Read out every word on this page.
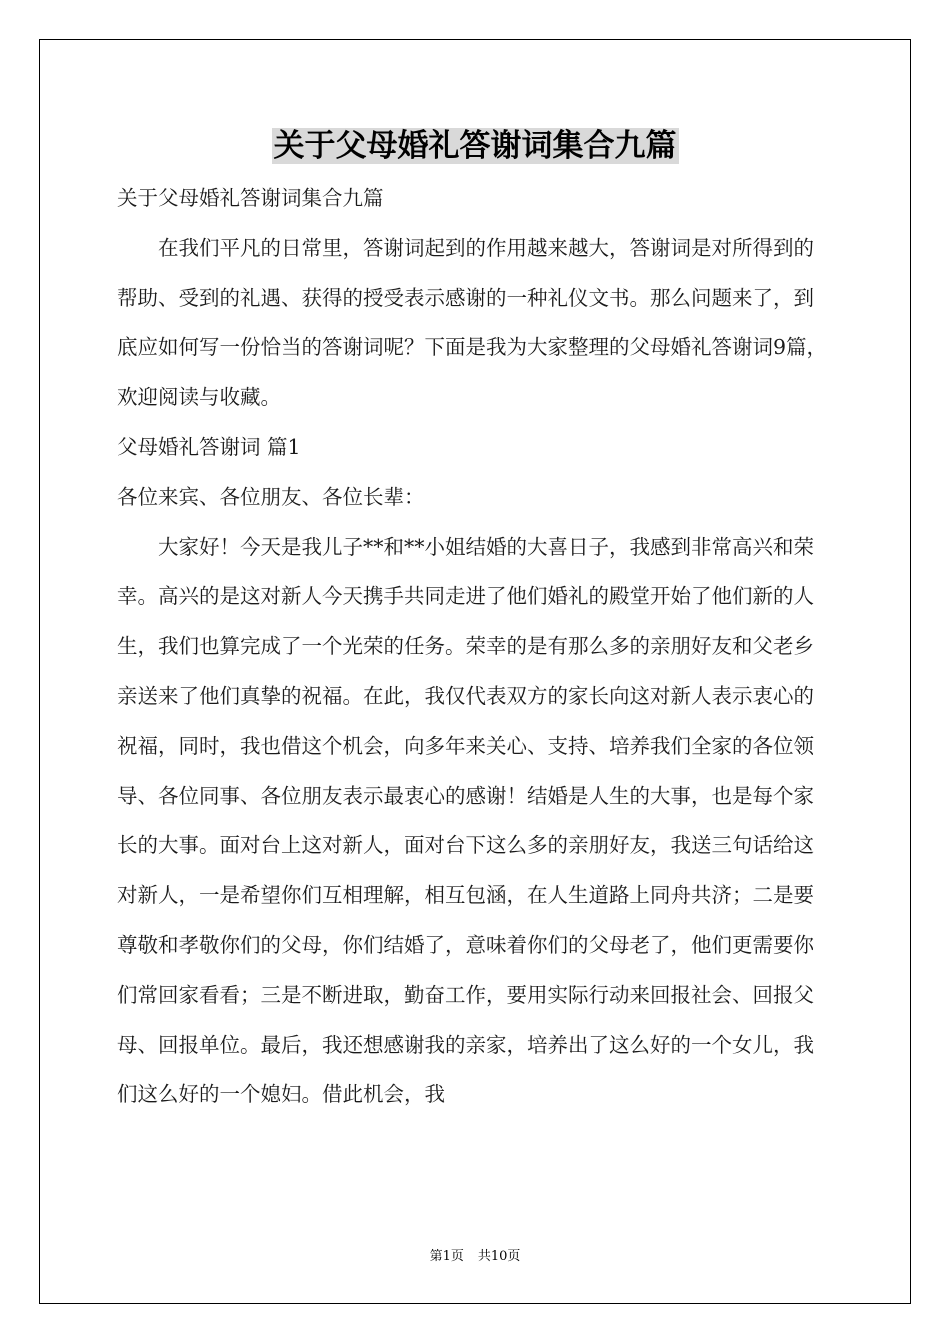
关于父母婚礼答谢词集合九篇

关于父母婚礼答谢词集合九篇

在我们平凡的日常里，答谢词起到的作用越来越大，答谢词是对所得到的帮助、受到的礼遇、获得的授受表示感谢的一种礼仪文书。那么问题来了，到底应如何写一份恰当的答谢词呢？下面是我为大家整理的父母婚礼答谢词9篇，欢迎阅读与收藏。

父母婚礼答谢词 篇1

各位来宾、各位朋友、各位长辈：

大家好！今天是我儿子**和**小姐结婚的大喜日子，我感到非常高兴和荣幸。高兴的是这对新人今天携手共同走进了他们婚礼的殿堂开始了他们新的人生，我们也算完成了一个光荣的任务。荣幸的是有那么多的亲朋好友和父老乡亲送来了他们真挚的祝福。在此，我仅代表双方的家长向这对新人表示衷心的祝福，同时，我也借这个机会，向多年来关心、支持、培养我们全家的各位领导、各位同事、各位朋友表示最衷心的感谢！结婚是人生的大事，也是每个家长的大事。面对台上这对新人，面对台下这么多的亲朋好友，我送三句话给这对新人，一是希望你们互相理解，相互包涵，在人生道路上同舟共济；二是要尊敬和孝敬你们的父母，你们结婚了，意味着你们的父母老了，他们更需要你们常回家看看；三是不断进取，勤奋工作，要用实际行动来回报社会、回报父母、回报单位。最后，我还想感谢我的亲家，培养出了这么好的一个女儿，我们这么好的一个媳妇。借此机会，我

第1页 共10页
